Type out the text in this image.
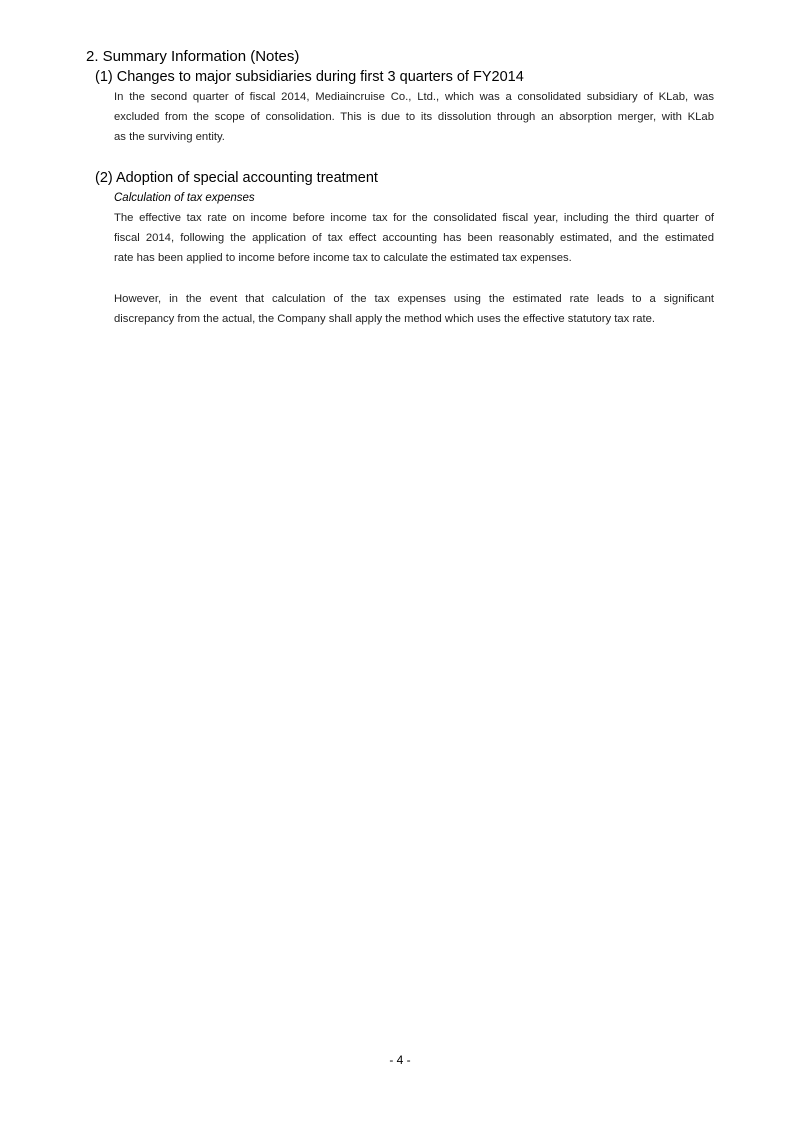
2. Summary Information (Notes)
(1) Changes to major subsidiaries during first 3 quarters of FY2014
In the second quarter of fiscal 2014, Mediaincruise Co., Ltd., which was a consolidated subsidiary of KLab, was
excluded from the scope of consolidation. This is due to its dissolution through an absorption merger, with KLab
as the surviving entity.
(2) Adoption of special accounting treatment
Calculation of tax expenses
The effective tax rate on income before income tax for the consolidated fiscal year, including the third quarter of
fiscal 2014, following the application of tax effect accounting has been reasonably estimated, and the estimated
rate has been applied to income before income tax to calculate the estimated tax expenses.
However, in the event that calculation of the tax expenses using the estimated rate leads to a significant
discrepancy from the actual, the Company shall apply the method which uses the effective statutory tax rate.
- 4 -
